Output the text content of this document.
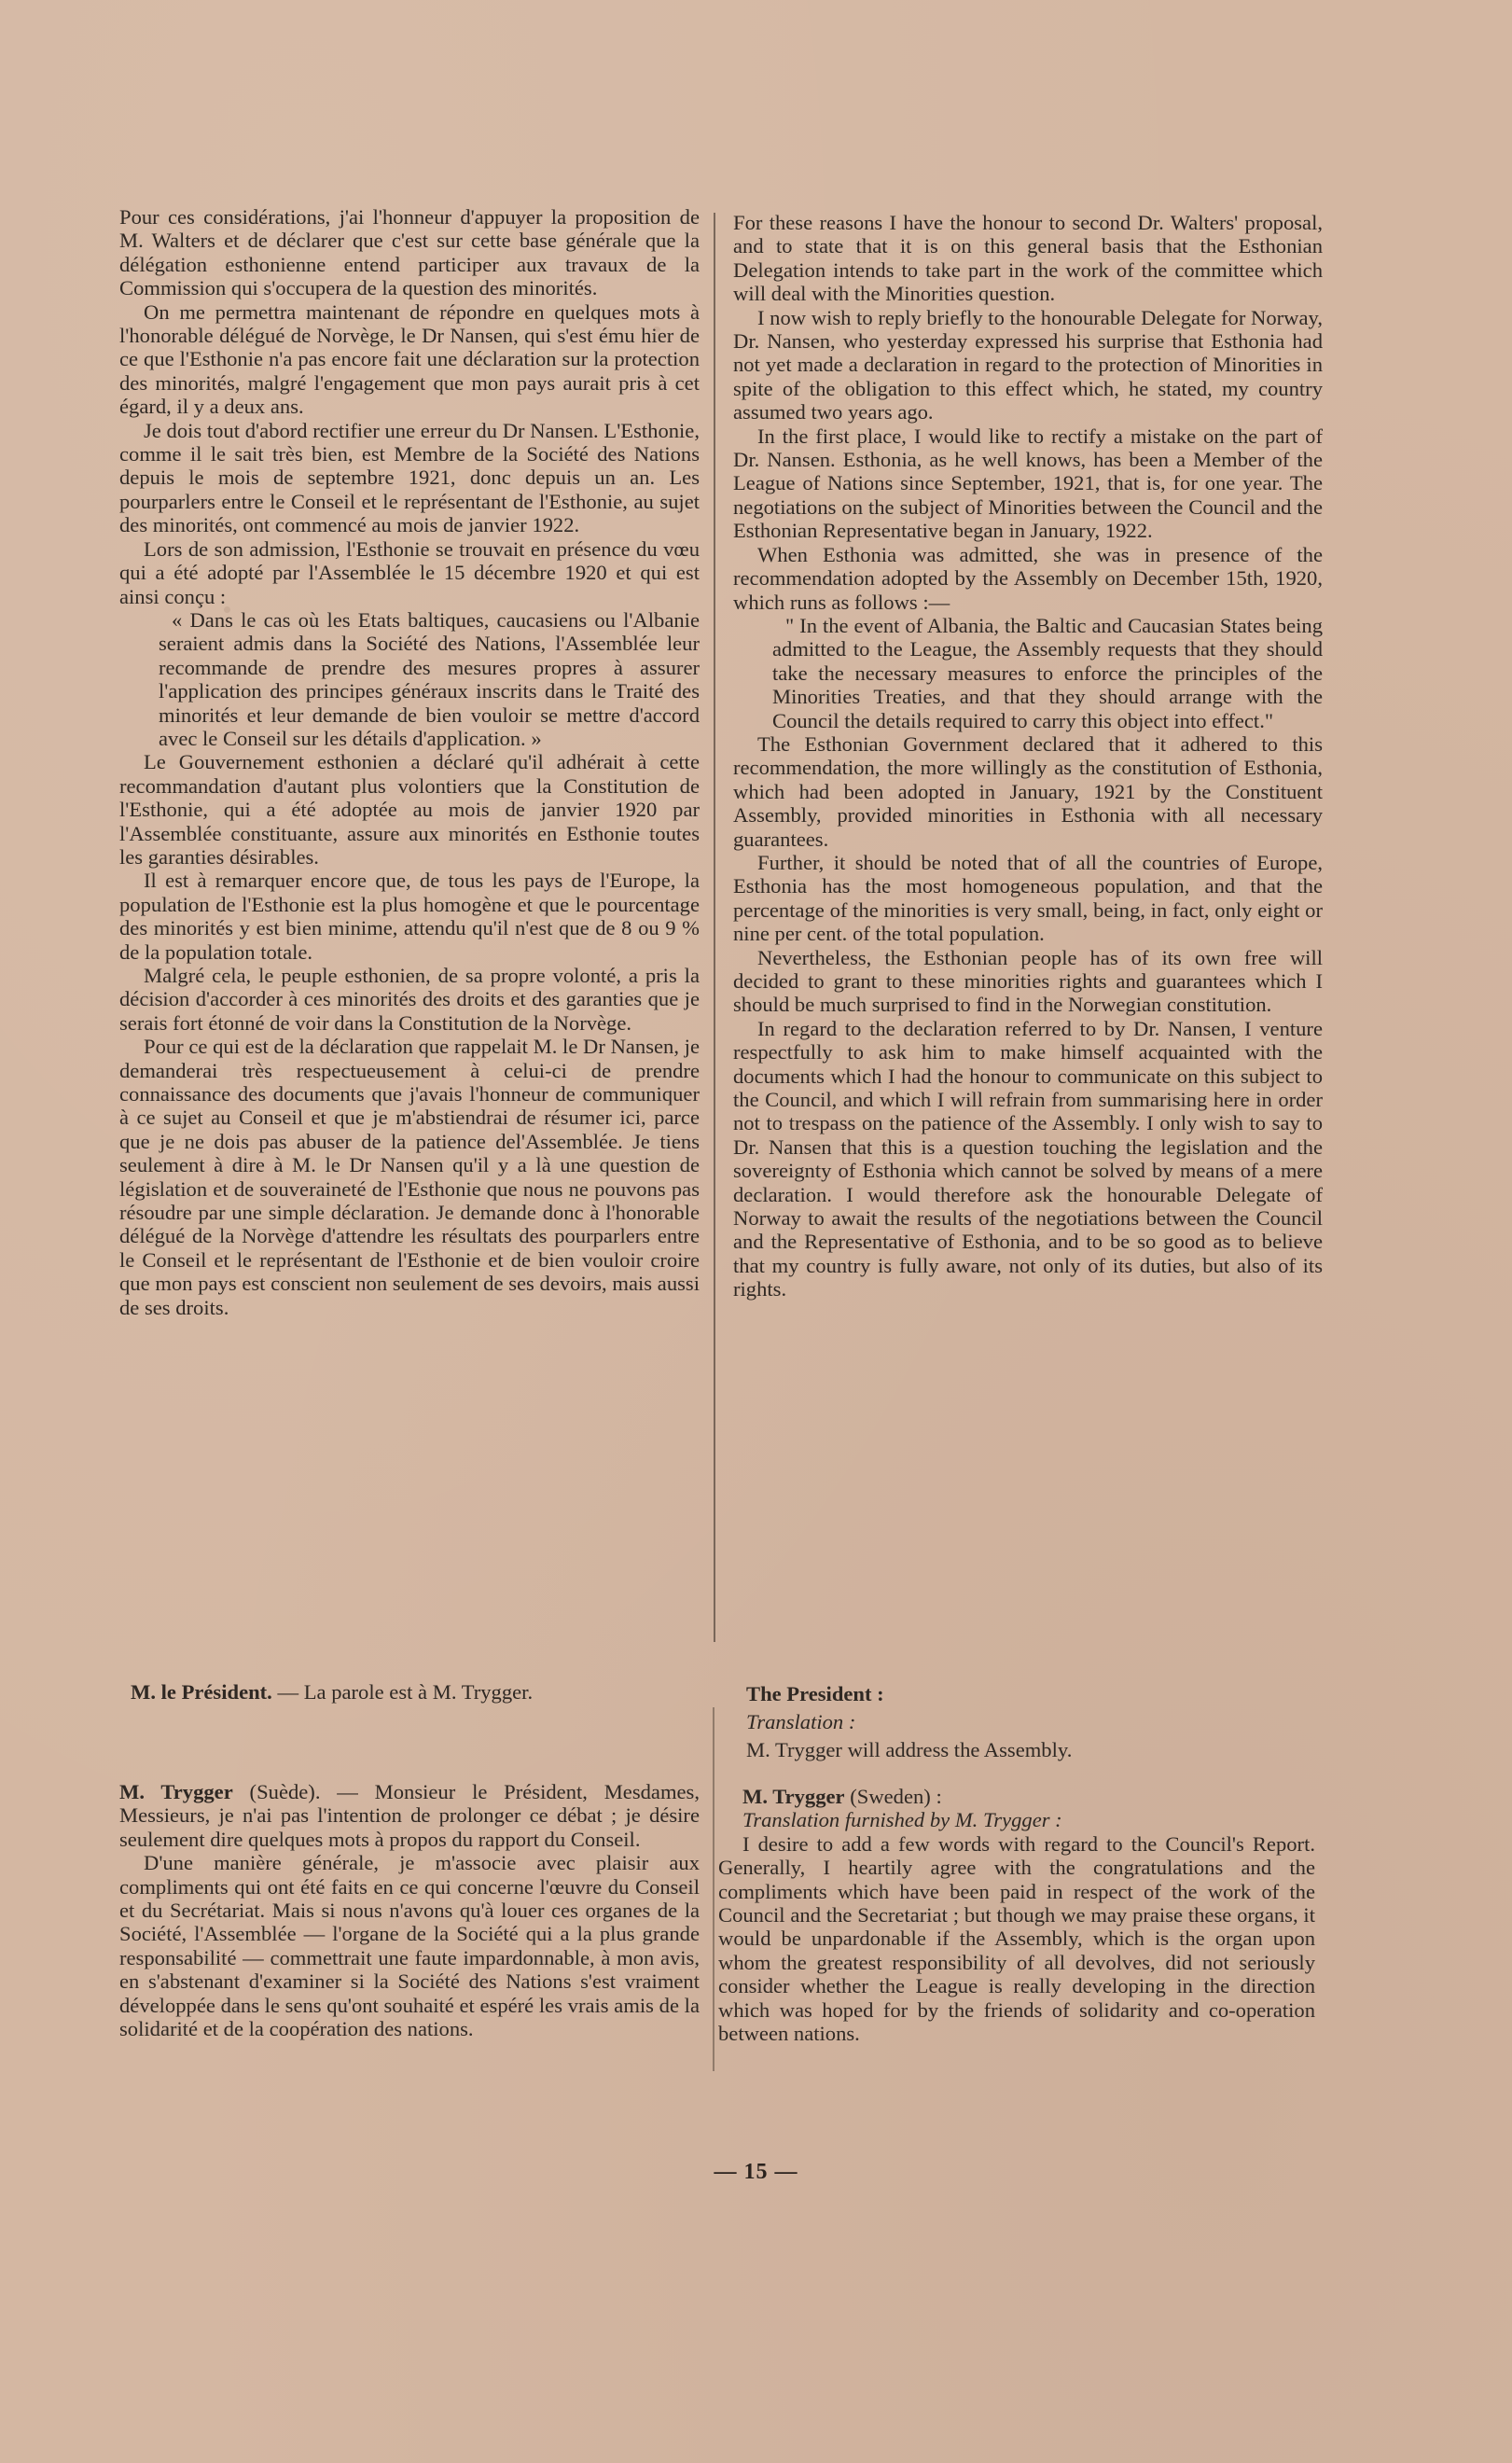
Pour ces considérations, j'ai l'honneur d'appuyer la proposition de M. Walters et de déclarer que c'est sur cette base générale que la délégation esthonienne entend participer aux travaux de la Commission qui s'occupera de la question des minorités.

On me permettra maintenant de répondre en quelques mots à l'honorable délégué de Norvège, le Dr Nansen, qui s'est ému hier de ce que l'Esthonie n'a pas encore fait une déclaration sur la protection des minorités, malgré l'engagement que mon pays aurait pris à cet égard, il y a deux ans.

Je dois tout d'abord rectifier une erreur du Dr Nansen. L'Esthonie, comme il le sait très bien, est Membre de la Société des Nations depuis le mois de septembre 1921, donc depuis un an. Les pourparlers entre le Conseil et le représentant de l'Esthonie, au sujet des minorités, ont commencé au mois de janvier 1922.

Lors de son admission, l'Esthonie se trouvait en présence du vœu qui a été adopté par l'Assemblée le 15 décembre 1920 et qui est ainsi conçu :

« Dans le cas où les Etats baltiques, caucasiens ou l'Albanie seraient admis dans la Société des Nations, l'Assemblée leur recommande de prendre des mesures propres à assurer l'application des principes généraux inscrits dans le Traité des minorités et leur demande de bien vouloir se mettre d'accord avec le Conseil sur les détails d'application. »

Le Gouvernement esthonien a déclaré qu'il adhérait à cette recommandation d'autant plus volontiers que la Constitution de l'Esthonie, qui a été adoptée au mois de janvier 1920 par l'Assemblée constituante, assure aux minorités en Esthonie toutes les garanties désirables.

Il est à remarquer encore que, de tous les pays de l'Europe, la population de l'Esthonie est la plus homogène et que le pourcentage des minorités y est bien minime, attendu qu'il n'est que de 8 ou 9 % de la population totale.

Malgré cela, le peuple esthonien, de sa propre volonté, a pris la décision d'accorder à ces minorités des droits et des garanties que je serais fort étonné de voir dans la Constitution de la Norvège.

Pour ce qui est de la déclaration que rappelait M. le Dr Nansen, je demanderai très respectueusement à celui-ci de prendre connaissance des documents que j'avais l'honneur de communiquer à ce sujet au Conseil et que je m'abstiendrai de résumer ici, parce que je ne dois pas abuser de la patience del'Assemblée. Je tiens seulement à dire à M. le Dr Nansen qu'il y a là une question de législation et de souveraineté de l'Esthonie que nous ne pouvons pas résoudre par une simple déclaration. Je demande donc à l'honorable délégué de la Norvège d'attendre les résultats des pourparlers entre le Conseil et le représentant de l'Esthonie et de bien vouloir croire que mon pays est conscient non seulement de ses devoirs, mais aussi de ses droits.

For these reasons I have the honour to second Dr. Walters' proposal, and to state that it is on this general basis that the Esthonian Delegation intends to take part in the work of the committee which will deal with the Minorities question.

I now wish to reply briefly to the honourable Delegate for Norway, Dr. Nansen, who yesterday expressed his surprise that Esthonia had not yet made a declaration in regard to the protection of Minorities in spite of the obligation to this effect which, he stated, my country assumed two years ago.

In the first place, I would like to rectify a mistake on the part of Dr. Nansen. Esthonia, as he well knows, has been a Member of the League of Nations since September, 1921, that is, for one year. The negotiations on the subject of Minorities between the Council and the Esthonian Representative began in January, 1922.

When Esthonia was admitted, she was in presence of the recommendation adopted by the Assembly on December 15th, 1920, which runs as follows :—

" In the event of Albania, the Baltic and Caucasian States being admitted to the League, the Assembly requests that they should take the necessary measures to enforce the principles of the Minorities Treaties, and that they should arrange with the Council the details required to carry this object into effect."

The Esthonian Government declared that it adhered to this recommendation, the more willingly as the constitution of Esthonia, which had been adopted in January, 1921 by the Constituent Assembly, provided minorities in Esthonia with all necessary guarantees.

Further, it should be noted that of all the countries of Europe, Esthonia has the most homogeneous population, and that the percentage of the minorities is very small, being, in fact, only eight or nine per cent. of the total population.

Nevertheless, the Esthonian people has of its own free will decided to grant to these minorities rights and guarantees which I should be much surprised to find in the Norwegian constitution.

In regard to the declaration referred to by Dr. Nansen, I venture respectfully to ask him to make himself acquainted with the documents which I had the honour to communicate on this subject to the Council, and which I will refrain from summarising here in order not to trespass on the patience of the Assembly. I only wish to say to Dr. Nansen that this is a question touching the legislation and the sovereignty of Esthonia which cannot be solved by means of a mere declaration. I would therefore ask the honourable Delegate of Norway to await the results of the negotiations between the Council and the Representative of Esthonia, and to be so good as to believe that my country is fully aware, not only of its duties, but also of its rights.

M. le Président. — La parole est à M. Trygger.	The President :
Translation :
M. Trygger will address the Assembly.

M. Trygger (Suède). — Monsieur le Président, Mesdames, Messieurs, je n'ai pas l'intention de prolonger ce débat ; je désire seulement dire quelques mots à propos du rapport du Conseil.

D'une manière générale, je m'associe avec plaisir aux compliments qui ont été faits en ce qui concerne l'œuvre du Conseil et du Secrétariat. Mais si nous n'avons qu'à louer ces organes de la Société, l'Assemblée — l'organe de la Société qui a la plus grande responsabilité — commettrait une faute impardonnable, à mon avis, en s'abstenant d'examiner si la Société des Nations s'est vraiment développée dans le sens qu'ont souhaité et espéré les vrais amis de la solidarité et de la coopération des nations.

M. Trygger (Sweden) :

Translation furnished by M. Trygger :

I desire to add a few words with regard to the Council's Report. Generally, I heartily agree with the congratulations and the compliments which have been paid in respect of the work of the Council and the Secretariat ; but though we may praise these organs, it would be unpardonable if the Assembly, which is the organ upon whom the greatest responsibility of all devolves, did not seriously consider whether the League is really developing in the direction which was hoped for by the friends of solidarity and co-operation between nations.

— 15 —
